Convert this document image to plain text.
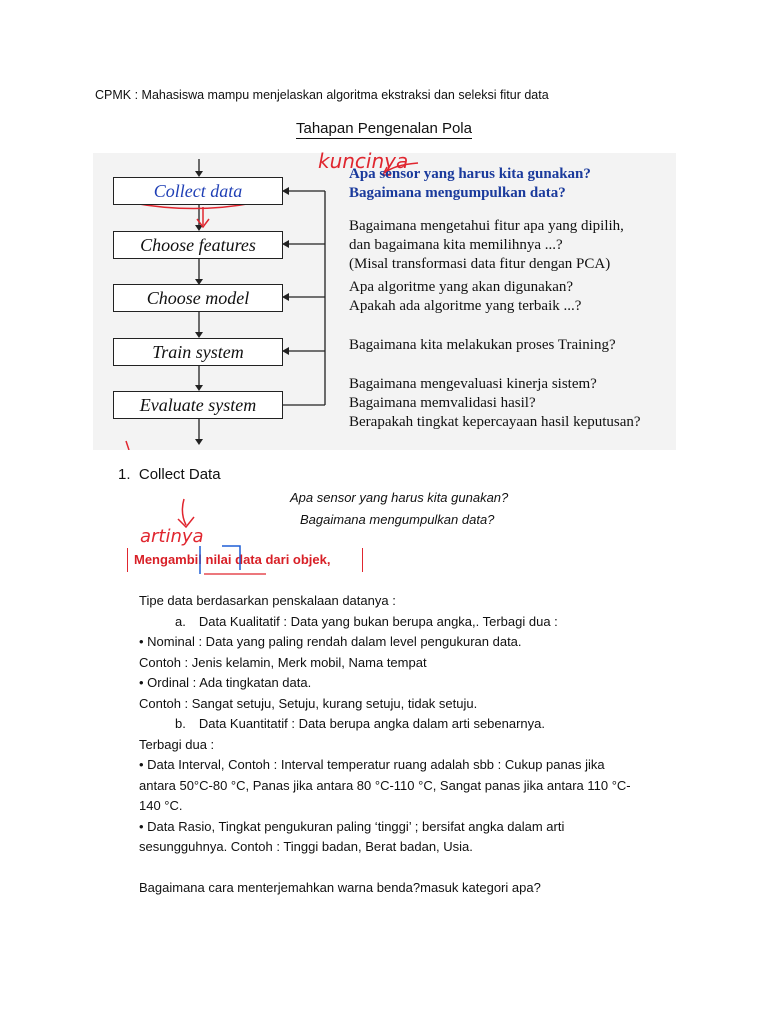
CPMK : Mahasiswa mampu menjelaskan algoritma ekstraksi dan seleksi fitur data
Tahapan Pengenalan Pola
Collect data
Choose features
Choose model
Train system
Evaluate system
kuncinya
Apa sensor yang harus kita gunakan?
Bagaimana mengumpulkan data?
Bagaimana mengetahui fitur apa yang dipilih,
dan bagaimana kita memilihnya ...?
(Misal transformasi data fitur dengan PCA)
Apa algoritme yang akan digunakan?
Apakah ada algoritme yang terbaik ...?
Bagaimana kita melakukan proses Training?
Bagaimana mengevaluasi kinerja sistem?
Bagaimana memvalidasi hasil?
Berapakah tingkat kepercayaan hasil keputusan?
1. Collect Data
Apa sensor yang harus kita gunakan?
Bagaimana mengumpulkan data?
artinya
Mengambil nilai data dari objek,
Tipe data berdasarkan penskalaan datanya :
a. Data Kualitatif : Data yang bukan berupa angka,. Terbagi dua :
• Nominal : Data yang paling rendah dalam level pengukuran data.
Contoh : Jenis kelamin, Merk mobil, Nama tempat
• Ordinal : Ada tingkatan data.
Contoh : Sangat setuju, Setuju, kurang setuju, tidak setuju.
b. Data Kuantitatif : Data berupa angka dalam arti sebenarnya.
Terbagi dua :
• Data Interval, Contoh : Interval temperatur ruang adalah sbb : Cukup panas jika
antara 50°C-80 °C, Panas jika antara 80 °C-110 °C, Sangat panas jika antara 110 °C-
140 °C.
• Data Rasio, Tingkat pengukuran paling ‘tinggi’ ; bersifat angka dalam arti
sesungguhnya. Contoh : Tinggi badan, Berat badan, Usia.
Bagaimana cara menterjemahkan warna benda?masuk kategori apa?
